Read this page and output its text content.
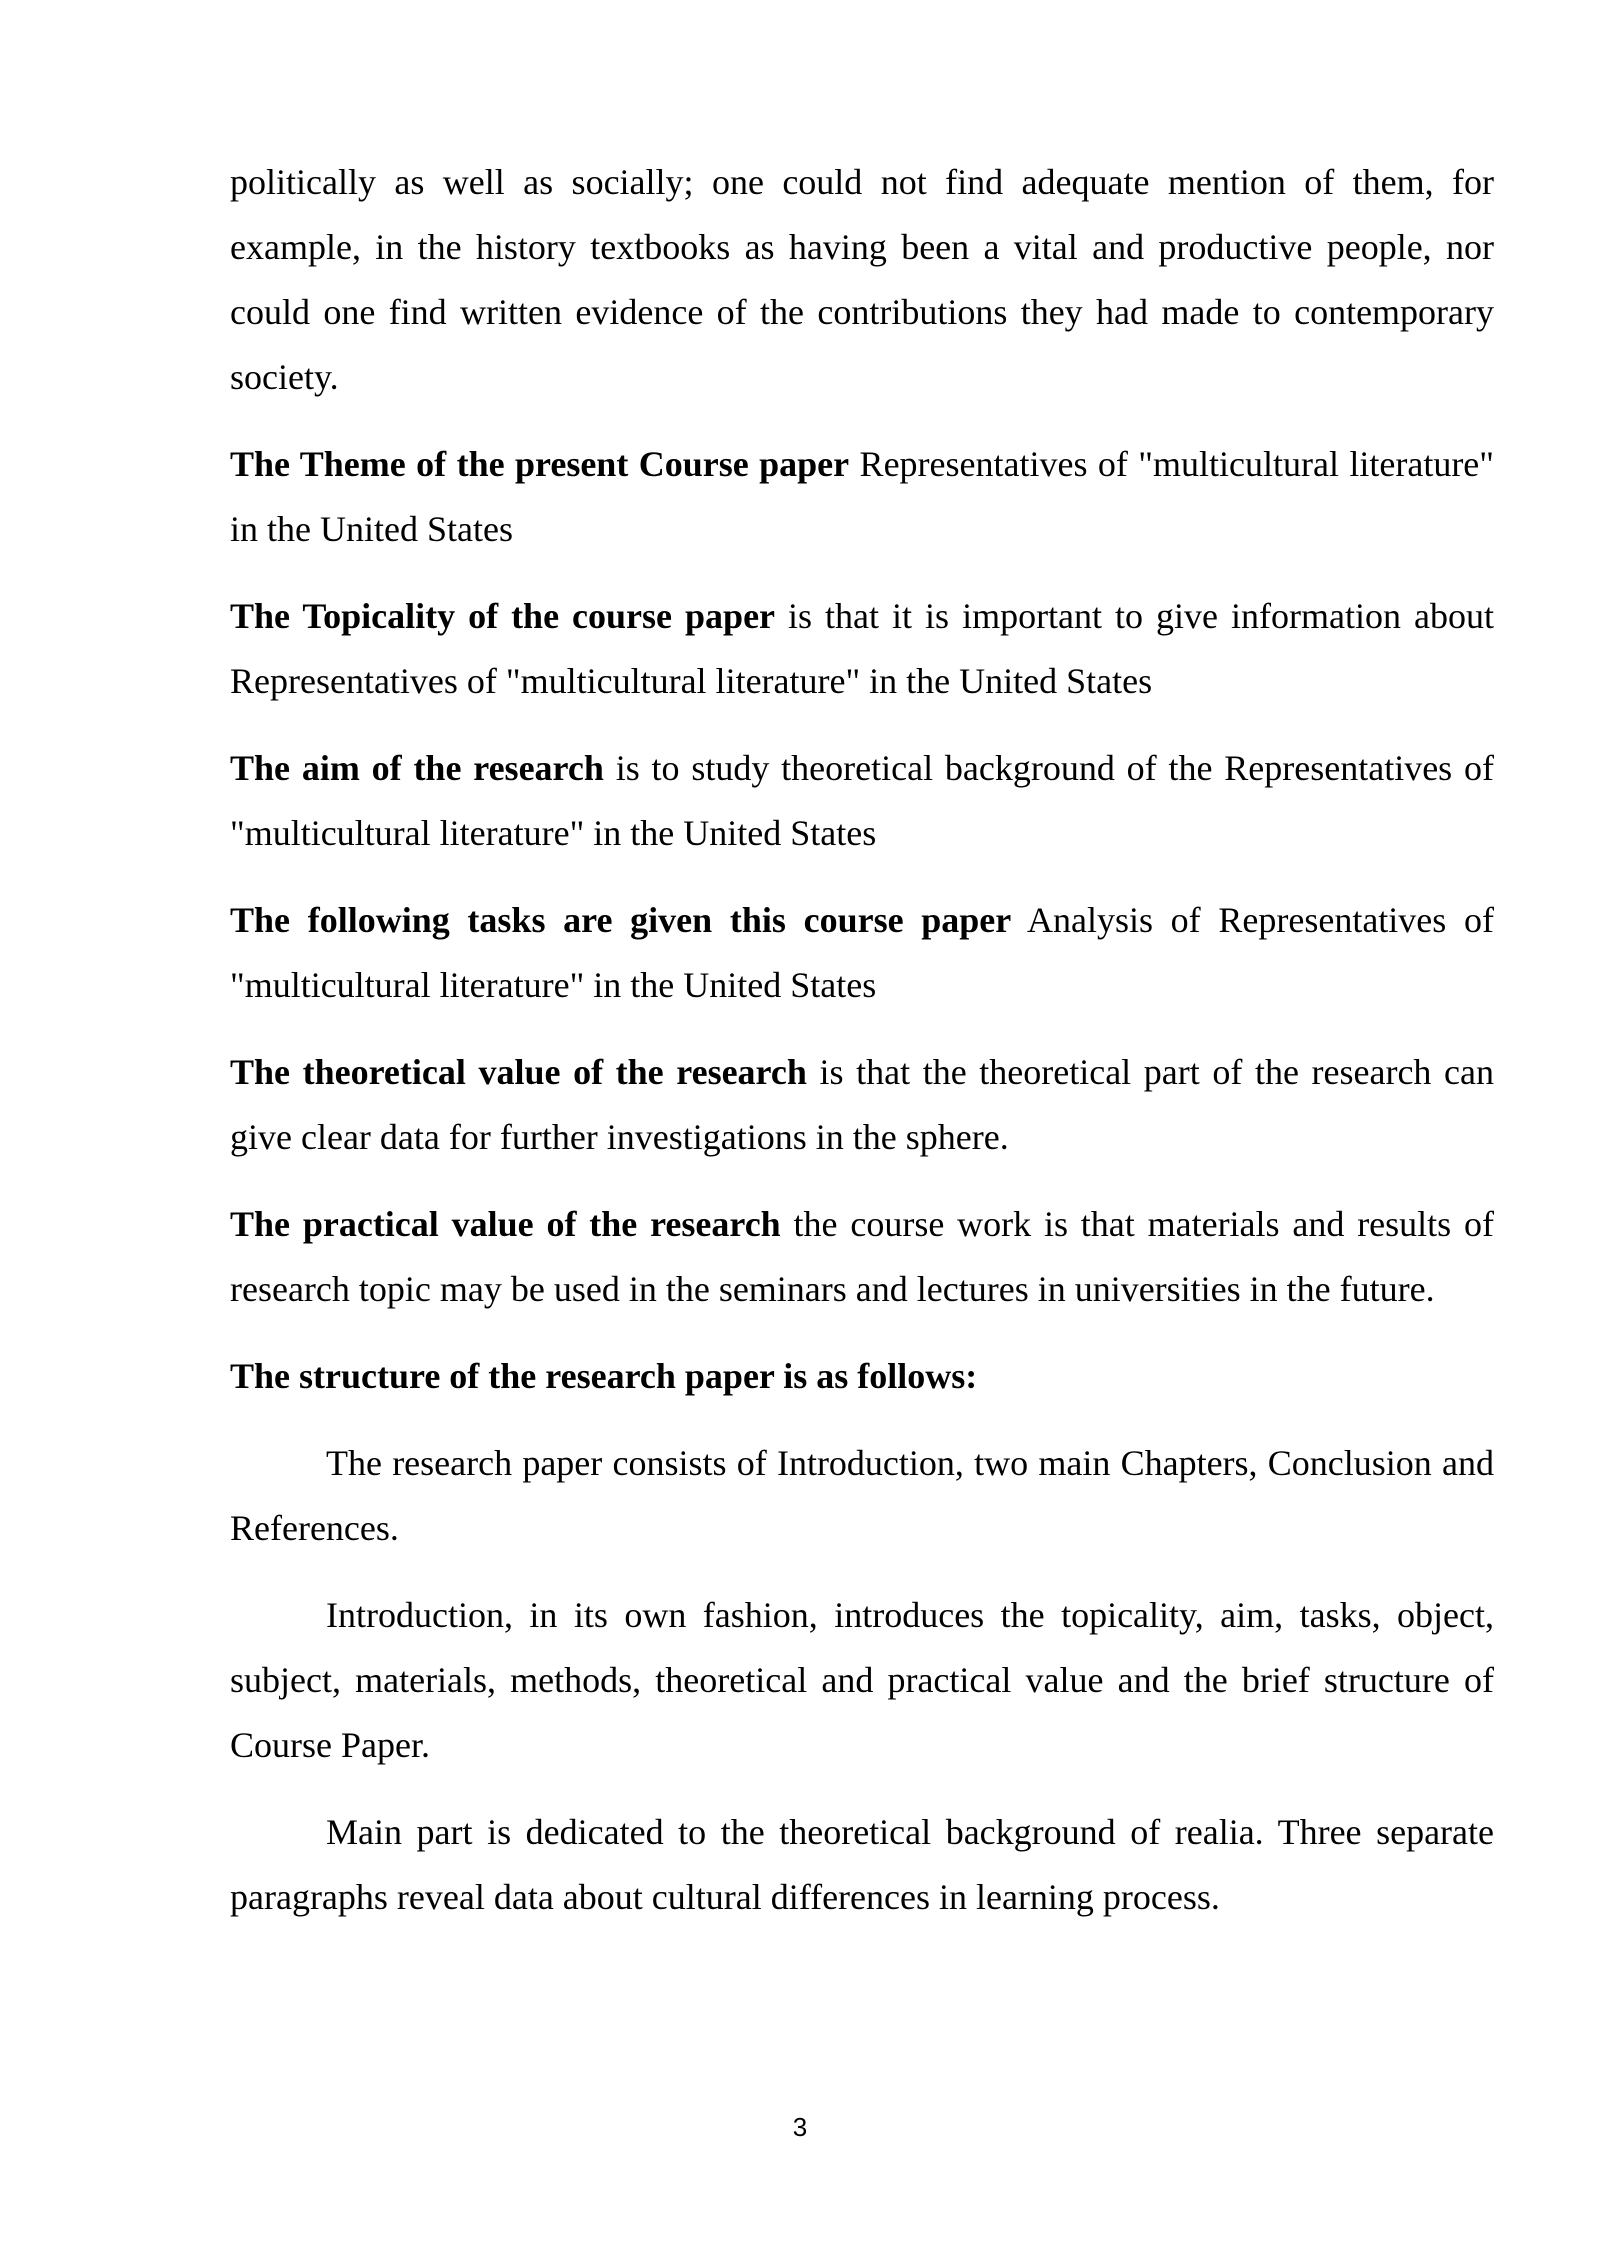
politically as well as socially; one could not find adequate mention of them, for example, in the history textbooks as having been a vital and productive people, nor could one find written evidence of the contributions they had made to contemporary society.

The Theme of the present Course paper Representatives of "multicultural literature" in the United States

The Topicality of the course paper is that it is important to give information about Representatives of "multicultural literature" in the United States

The aim of the research is to study theoretical background of the Representatives of "multicultural literature" in the United States

The following tasks are given this course paper Analysis of Representatives of "multicultural literature" in the United States

The theoretical value of the research is that the theoretical part of the research can give clear data for further investigations in the sphere.

The practical value of the research the course work is that materials and results of research topic may be used in the seminars and lectures in universities in the future.

The structure of the research paper is as follows:

The research paper consists of Introduction, two main Chapters, Conclusion and References.

Introduction, in its own fashion, introduces the topicality, aim, tasks, object, subject, materials, methods, theoretical and practical value and the brief structure of Course Paper.

Main part is dedicated to the theoretical background of realia. Three separate paragraphs reveal data about cultural differences in learning process.

3
